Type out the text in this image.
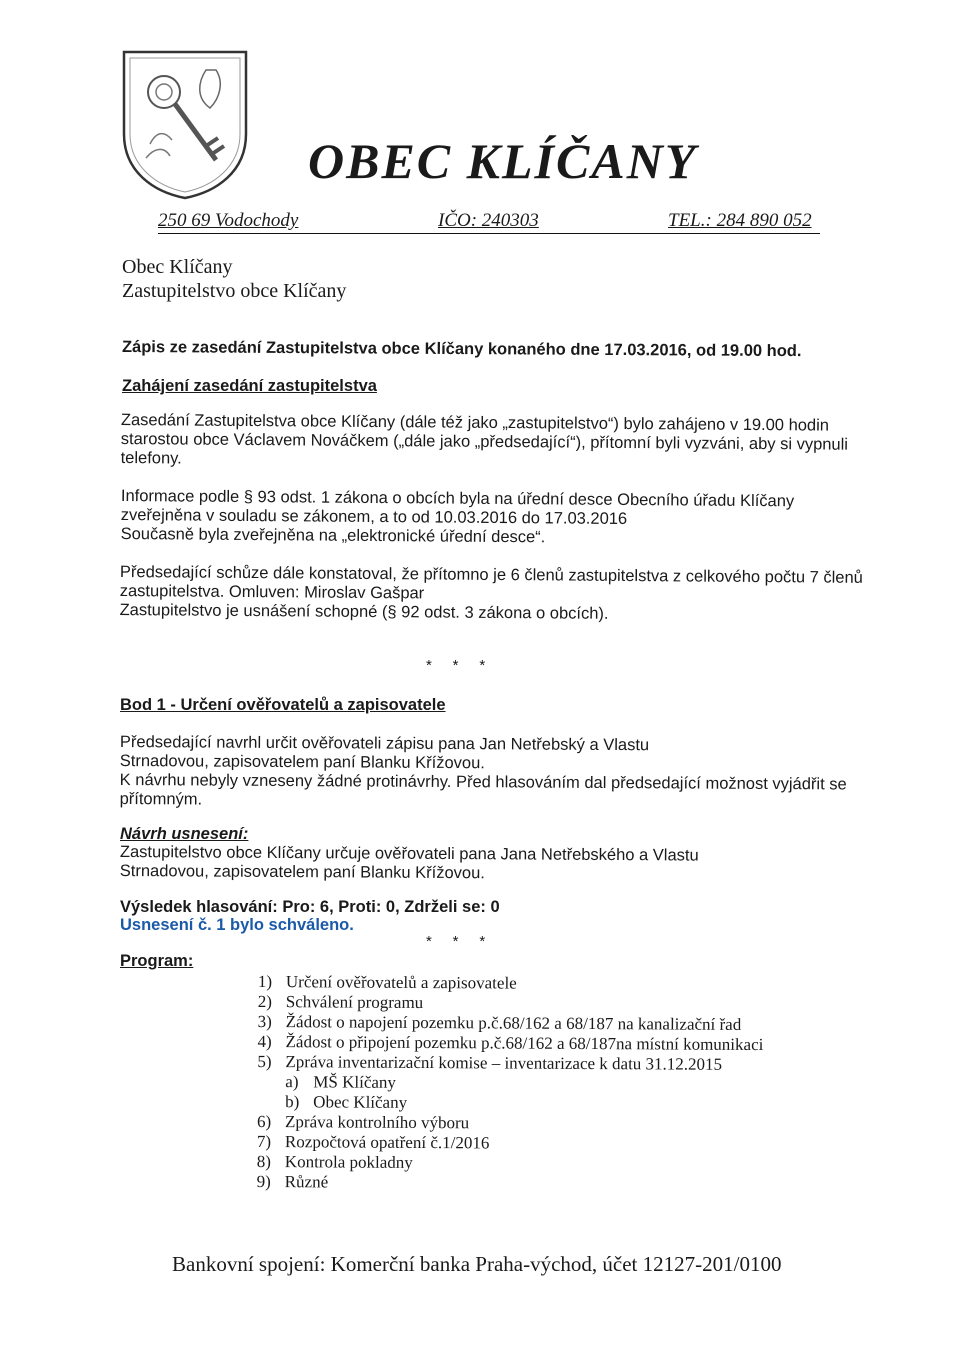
OBEC KLÍČANY
250 69 Vodochody	IČO: 240303	TEL.: 284 890 052
Obec Klíčany
Zastupitelstvo obce Klíčany
Zápis ze zasedání Zastupitelstva obce Klíčany konaného dne 17.03.2016, od 19.00 hod.
Zahájení zasedání zastupitelstva
Zasedání Zastupitelstva obce Klíčany (dále též jako „zastupitelstvo“) bylo zahájeno v 19.00 hodin
starostou obce Václavem Nováčkem („dále jako „předsedající“), přítomní byli vyzváni, aby si vypnuli
telefony.
Informace podle § 93 odst. 1 zákona o obcích byla na úřední desce Obecního úřadu Klíčany
zveřejněna v souladu se zákonem, a to od 10.03.2016 do 17.03.2016
Současně byla zveřejněna na „elektronické úřední desce“.
Předsedající schůze dále konstatoval, že přítomno je 6 členů zastupitelstva z celkového počtu 7 členů
zastupitelstva. Omluven: Miroslav Gašpar
Zastupitelstvo je usnášení schopné (§ 92 odst. 3 zákona o obcích).
*     *     *
Bod 1 - Určení ověřovatelů a zapisovatele
Předsedající navrhl určit ověřovateli zápisu pana Jan Netřebský a Vlastu
Strnadovou, zapisovatelem paní Blanku Křížovou.
K návrhu nebyly vzneseny žádné protinávrhy. Před hlasováním dal předsedající možnost vyjádřit se
přítomným.
Návrh usnesení:
Zastupitelstvo obce Klíčany určuje ověřovateli pana Jana Netřebského a Vlastu
Strnadovou, zapisovatelem paní Blanku Křížovou.
Výsledek hlasování: Pro: 6, Proti: 0, Zdrželi se: 0
Usnesení č. 1 bylo schváleno.
*     *     *
Program:
1) Určení ověřovatelů a zapisovatele
2) Schválení programu
3) Žádost o napojení pozemku p.č.68/162 a 68/187 na kanalizační řad
4) Žádost o připojení pozemku p.č.68/162 a 68/187na místní komunikaci
5) Zpráva inventarizační komise – inventarizace k datu 31.12.2015
a) MŠ Klíčany
b) Obec Klíčany
6) Zpráva kontrolního výboru
7) Rozpočtová opatření č.1/2016
8) Kontrola pokladny
9) Různé
Bankovní spojení: Komerční banka Praha-východ, účet 12127-201/0100
